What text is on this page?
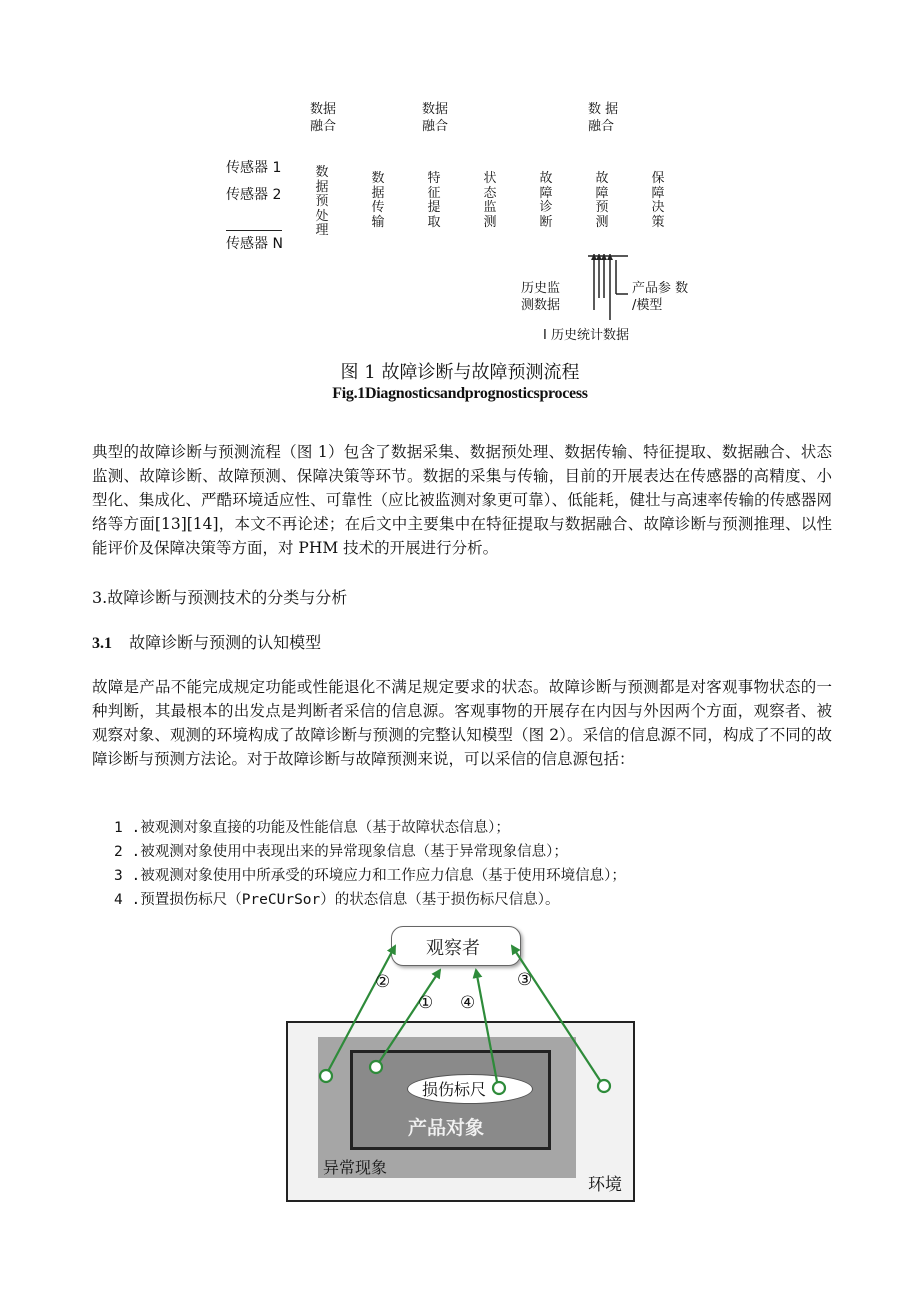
数据
融合
数据
融合
数 据
融合
传感器 1
传感器 2
传感器 N
数据预处理
数据传输
特征提取
状态监测
故障诊断
故障预测
保障决策
历史监
测数据
产品参 数
/模型
I 历史统计数据
图 1 故障诊断与故障预测流程
Fig.1Diagnosticsandprognosticsprocess
典型的故障诊断与预测流程（图 1）包含了数据采集、数据预处理、数据传输、特征提取、数据融合、状态监测、故障诊断、故障预测、保障决策等环节。数据的采集与传输，目前的开展表达在传感器的高精度、小型化、集成化、严酷环境适应性、可靠性（应比被监测对象更可靠）、低能耗，健壮与高速率传输的传感器网络等方面[13][14]，本文不再论述；在后文中主要集中在特征提取与数据融合、故障诊断与预测推理、以性能评价及保障决策等方面，对 PHM 技术的开展进行分析。
3.故障诊断与预测技术的分类与分析
3.1 故障诊断与预测的认知模型
故障是产品不能完成规定功能或性能退化不满足规定要求的状态。故障诊断与预测都是对客观事物状态的一种判断，其最根本的出发点是判断者采信的信息源。客观事物的开展存在内因与外因两个方面，观察者、被观察对象、观测的环境构成了故障诊断与预测的完整认知模型（图 2）。采信的信息源不同，构成了不同的故障诊断与预测方法论。对于故障诊断与故障预测来说，可以采信的信息源包括：
1 .被观测对象直接的功能及性能信息（基于故障状态信息）；
2 .被观测对象使用中表现出来的异常现象信息（基于异常现象信息）；
3 .被观测对象使用中所承受的环境应力和工作应力信息（基于使用环境信息）；
4 .预置损伤标尺（PreCUrSor）的状态信息（基于损伤标尺信息）。
损伤标尺
产品对象
异常现象
环境
观察者
②
① ④
③
